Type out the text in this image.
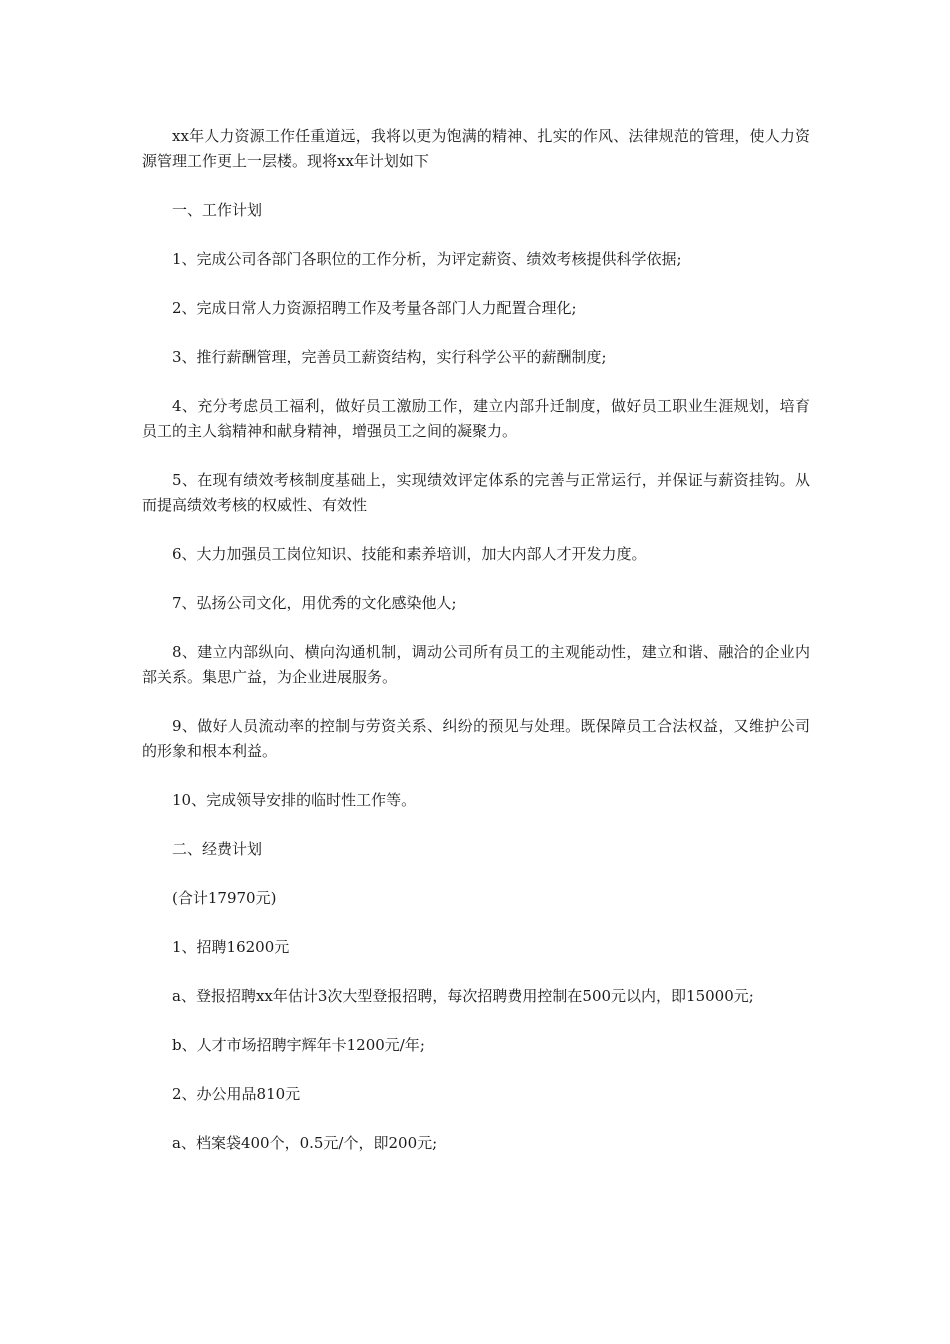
xx年人力资源工作任重道远，我将以更为饱满的精神、扎实的作风、法律规范的管理，使人力资源管理工作更上一层楼。现将xx年计划如下

一、工作计划

1、完成公司各部门各职位的工作分析，为评定薪资、绩效考核提供科学依据;

2、完成日常人力资源招聘工作及考量各部门人力配置合理化;

3、推行薪酬管理，完善员工薪资结构，实行科学公平的薪酬制度;

4、充分考虑员工福利，做好员工激励工作，建立内部升迁制度，做好员工职业生涯规划，培育员工的主人翁精神和献身精神，增强员工之间的凝聚力。

5、在现有绩效考核制度基础上，实现绩效评定体系的完善与正常运行，并保证与薪资挂钩。从而提高绩效考核的权威性、有效性

6、大力加强员工岗位知识、技能和素养培训，加大内部人才开发力度。

7、弘扬公司文化，用优秀的文化感染他人;

8、建立内部纵向、横向沟通机制，调动公司所有员工的主观能动性，建立和谐、融洽的企业内部关系。集思广益，为企业进展服务。

9、做好人员流动率的控制与劳资关系、纠纷的预见与处理。既保障员工合法权益，又维护公司的形象和根本利益。

10、完成领导安排的临时性工作等。

二、经费计划

(合计17970元)

1、招聘16200元

a、登报招聘xx年估计3次大型登报招聘，每次招聘费用控制在500元以内，即15000元;

b、人才市场招聘宇辉年卡1200元/年;

2、办公用品810元

a、档案袋400个，0.5元/个，即200元;
